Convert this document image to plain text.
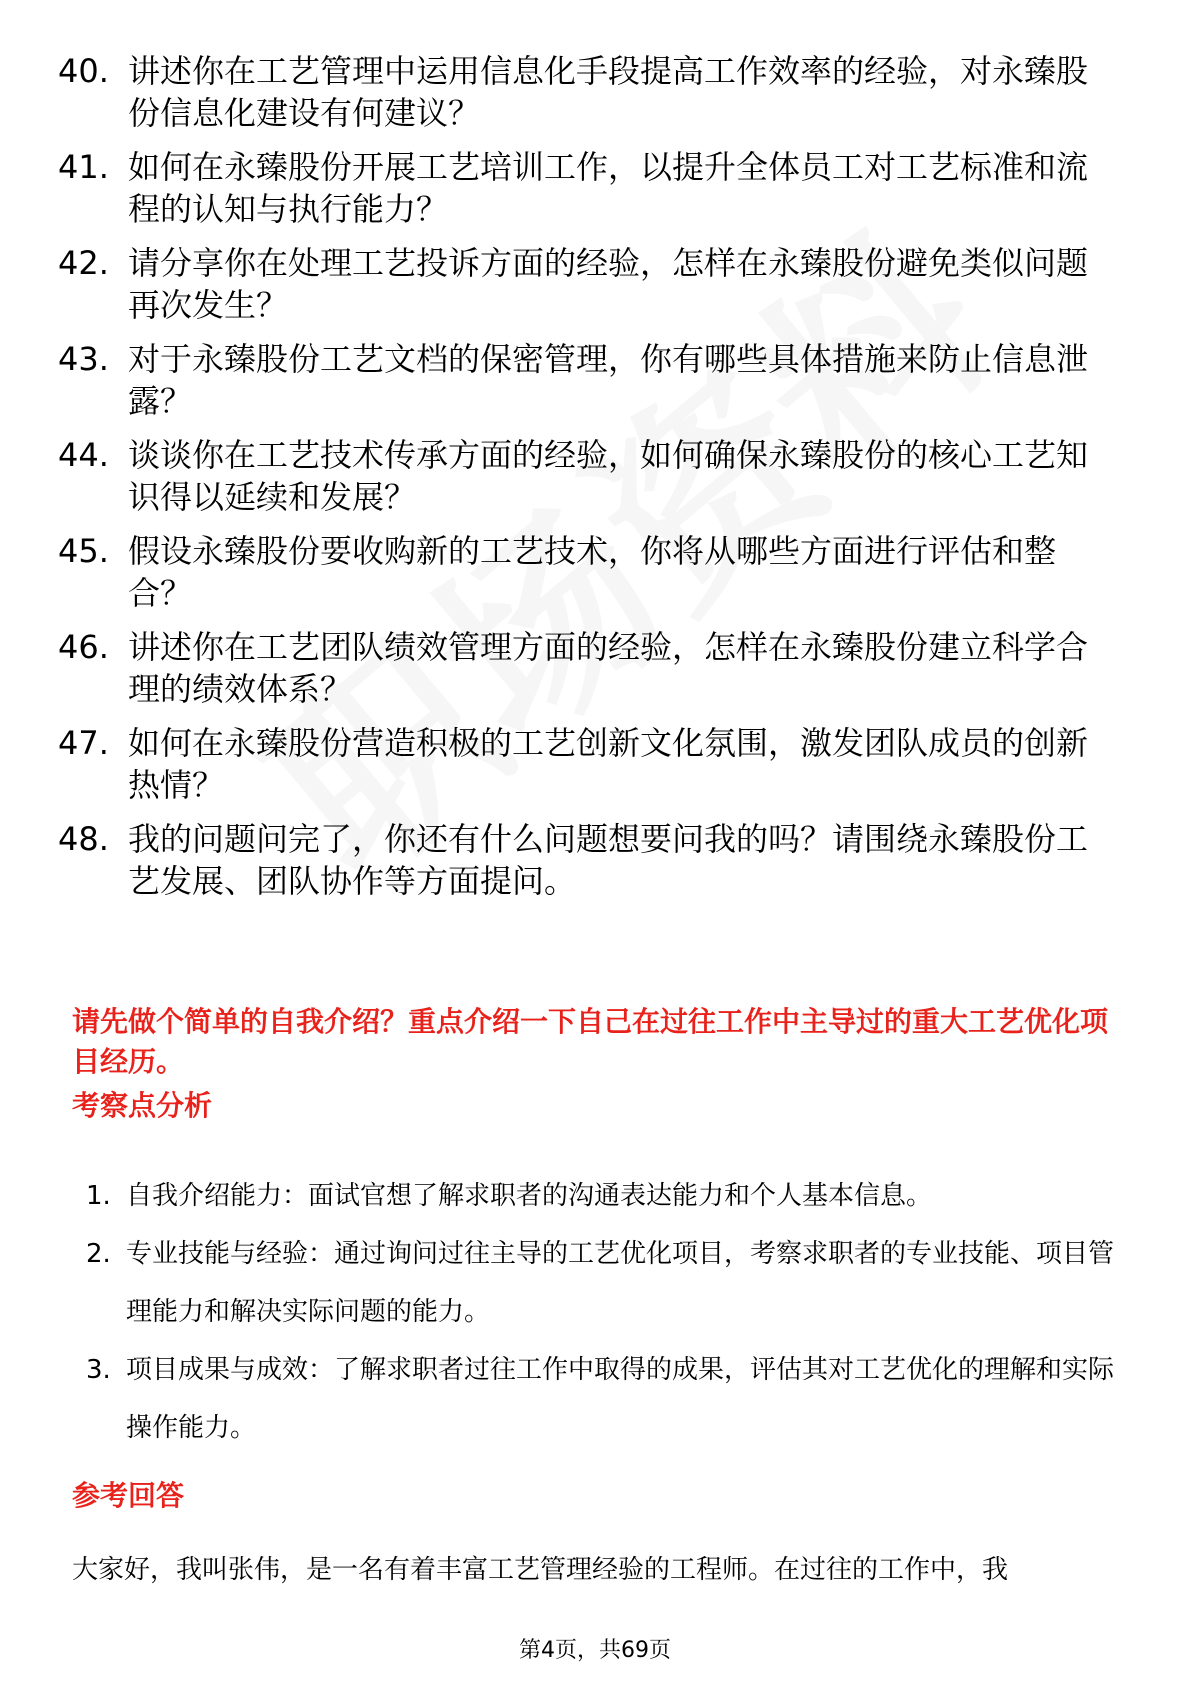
40. 讲述你在工艺管理中运用信息化手段提高工作效率的经验，对永臻股份信息化建设有何建议？
41. 如何在永臻股份开展工艺培训工作，以提升全体员工对工艺标准和流程的认知与执行能力？
42. 请分享你在处理工艺投诉方面的经验，怎样在永臻股份避免类似问题再次发生？
43. 对于永臻股份工艺文档的保密管理，你有哪些具体措施来防止信息泄露？
44. 谈谈你在工艺技术传承方面的经验，如何确保永臻股份的核心工艺知识得以延续和发展？
45. 假设永臻股份要收购新的工艺技术，你将从哪些方面进行评估和整合？
46. 讲述你在工艺团队绩效管理方面的经验，怎样在永臻股份建立科学合理的绩效体系？
47. 如何在永臻股份营造积极的工艺创新文化氛围，激发团队成员的创新热情？
48. 我的问题问完了，你还有什么问题想要问我的吗？请围绕永臻股份工艺发展、团队协作等方面提问。
请先做个简单的自我介绍？重点介绍一下自己在过往工作中主导过的重大工艺优化项目经历。
考察点分析
1. 自我介绍能力：面试官想了解求职者的沟通表达能力和个人基本信息。
2. 专业技能与经验：通过询问过往主导的工艺优化项目，考察求职者的专业技能、项目管理能力和解决实际问题的能力。
3. 项目成果与成效：了解求职者过往工作中取得的成果，评估其对工艺优化的理解和实际操作能力。
参考回答
大家好，我叫张伟，是一名有着丰富工艺管理经验的工程师。在过往的工作中，我
第4页，共69页
